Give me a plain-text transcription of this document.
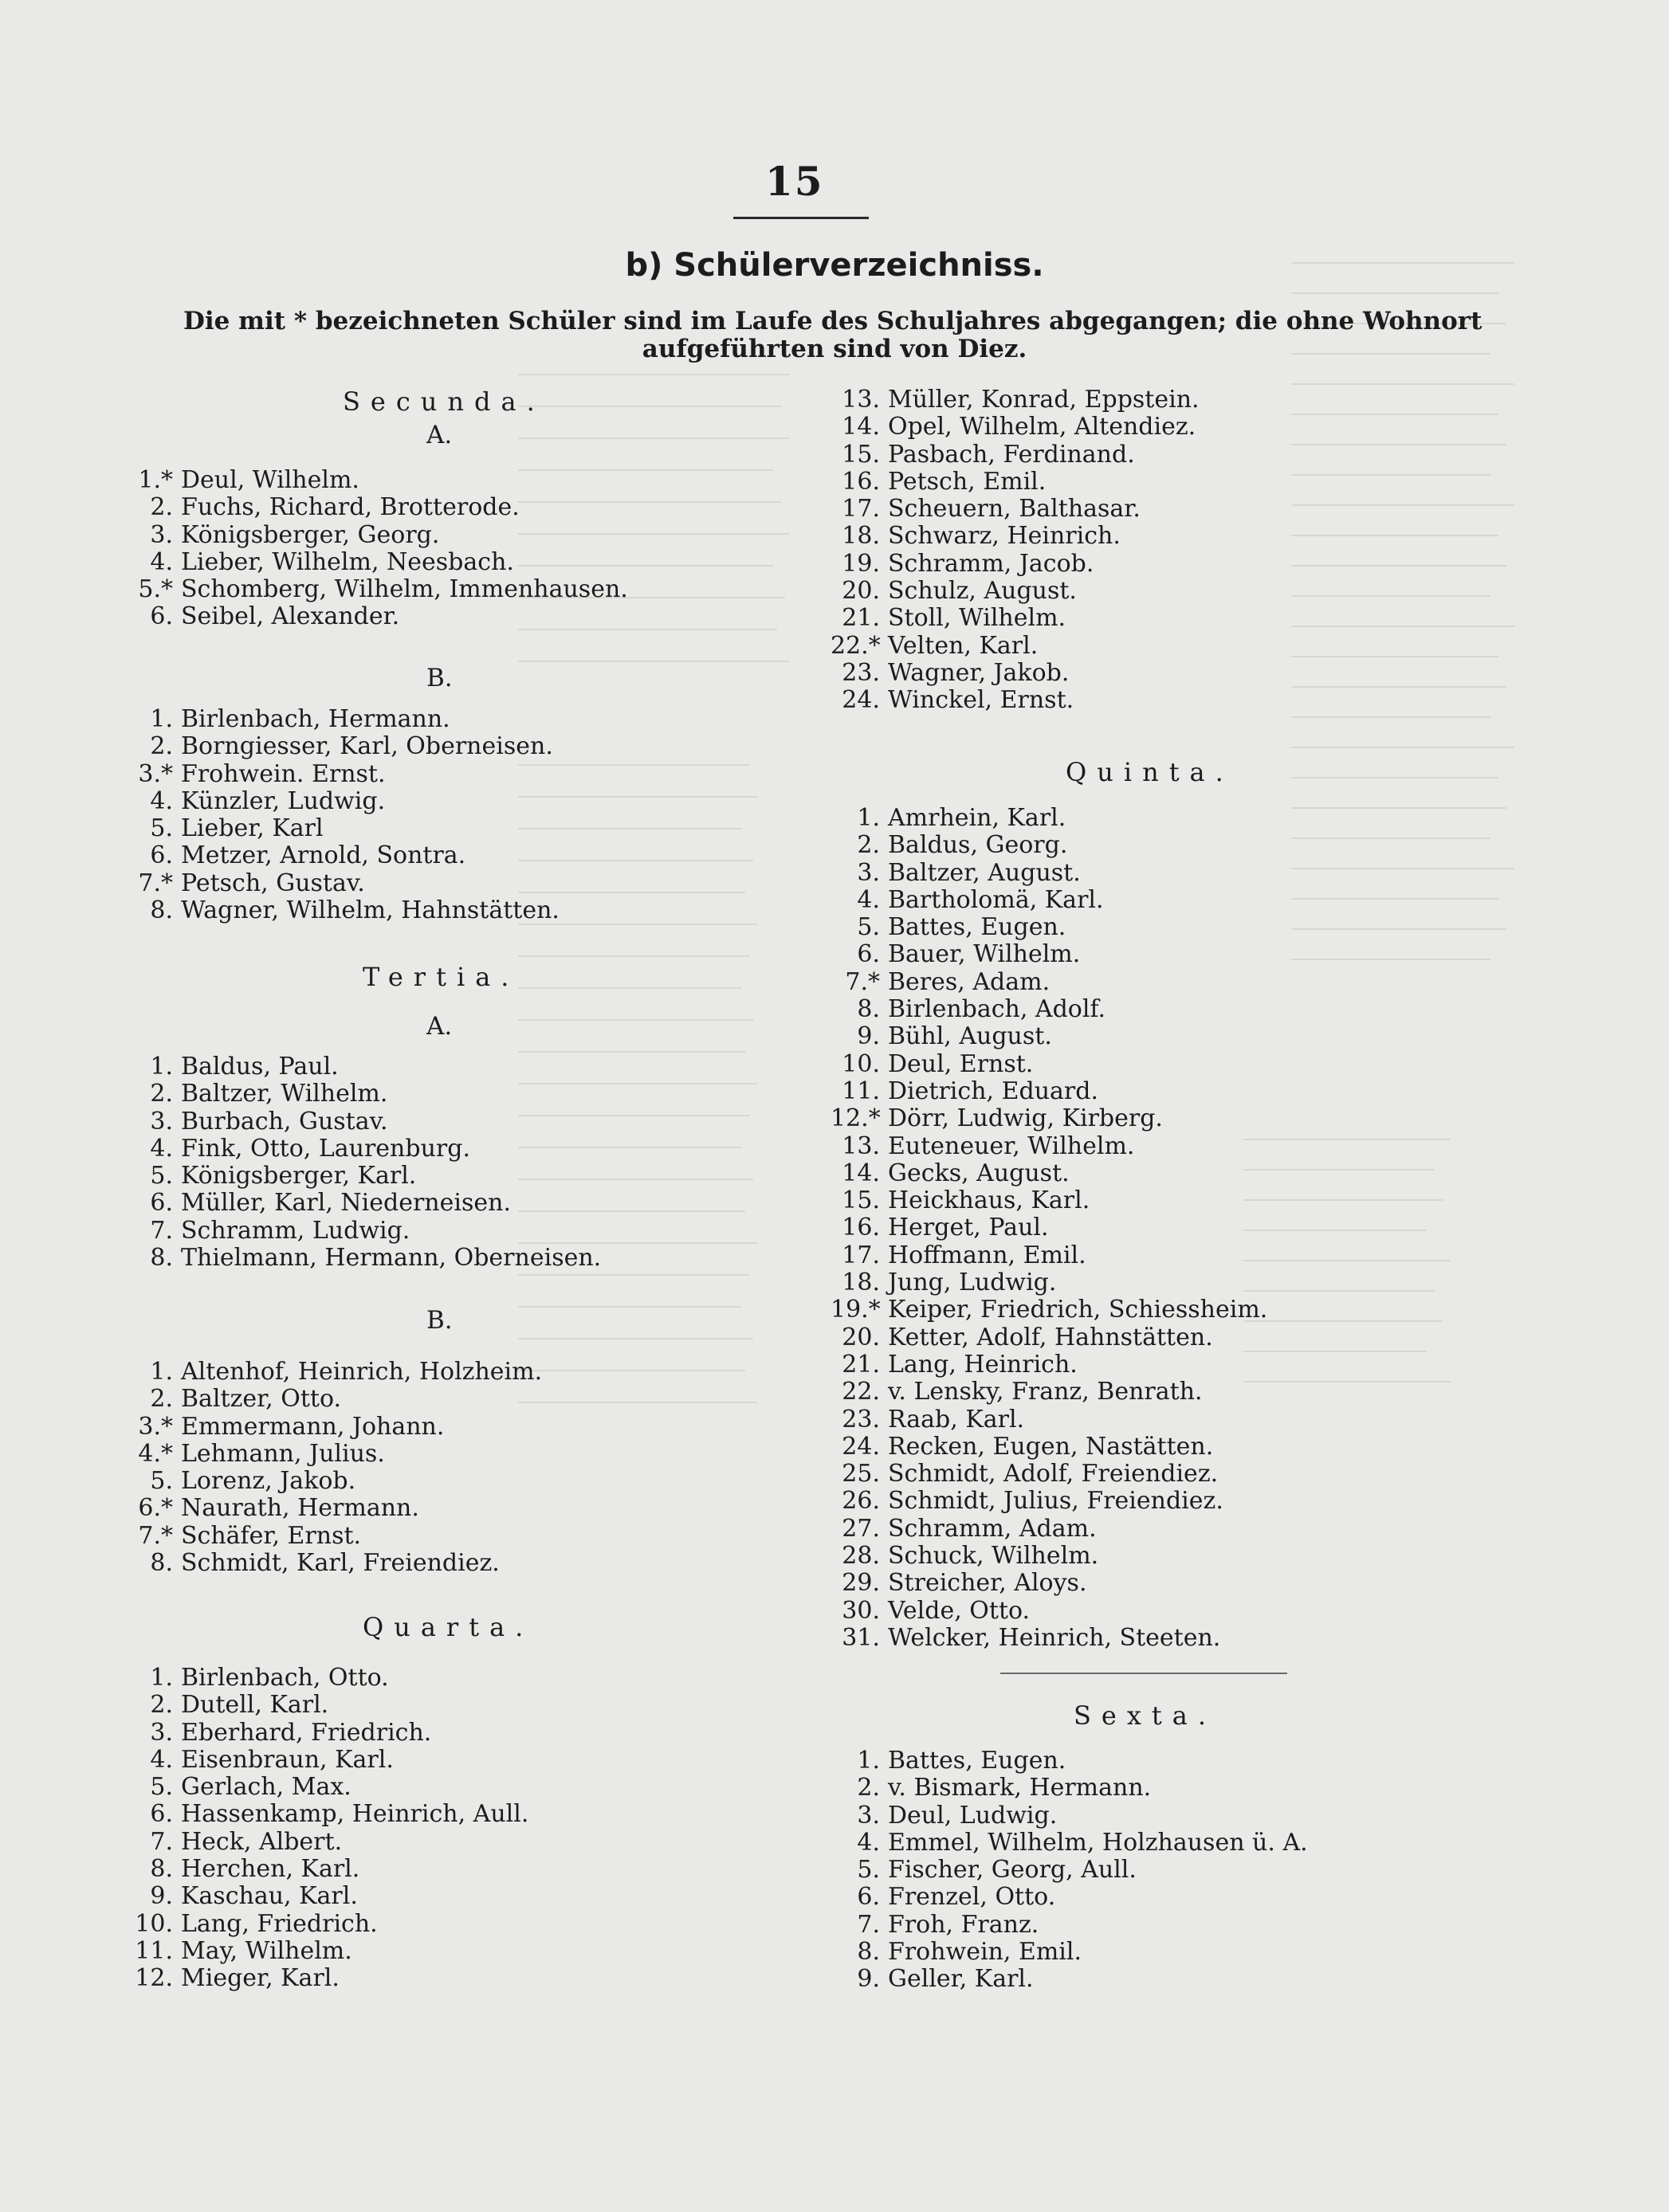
15
b) Schülerverzeichniss.
Die mit * bezeichneten Schüler sind im Laufe des Schuljahres abgegangen; die ohne Wohnort
aufgeführten sind von Diez.
Secunda.
A.
1.* Deul, Wilhelm.
2. Fuchs, Richard, Brotterode.
3. Königsberger, Georg.
4. Lieber, Wilhelm, Neesbach.
5.* Schomberg, Wilhelm, Immenhausen.
6. Seibel, Alexander.
B.
1. Birlenbach, Hermann.
2. Borngiesser, Karl, Oberneisen.
3.* Frohwein. Ernst.
4. Künzler, Ludwig.
5. Lieber, Karl
6. Metzer, Arnold, Sontra.
7.* Petsch, Gustav.
8. Wagner, Wilhelm, Hahnstätten.
Tertia.
A.
1. Baldus, Paul.
2. Baltzer, Wilhelm.
3. Burbach, Gustav.
4. Fink, Otto, Laurenburg.
5. Königsberger, Karl.
6. Müller, Karl, Niederneisen.
7. Schramm, Ludwig.
8. Thielmann, Hermann, Oberneisen.
B.
1. Altenhof, Heinrich, Holzheim.
2. Baltzer, Otto.
3.* Emmermann, Johann.
4.* Lehmann, Julius.
5. Lorenz, Jakob.
6.* Naurath, Hermann.
7.* Schäfer, Ernst.
8. Schmidt, Karl, Freiendiez.
Quarta.
1. Birlenbach, Otto.
2. Dutell, Karl.
3. Eberhard, Friedrich.
4. Eisenbraun, Karl.
5. Gerlach, Max.
6. Hassenkamp, Heinrich, Aull.
7. Heck, Albert.
8. Herchen, Karl.
9. Kaschau, Karl.
10. Lang, Friedrich.
11. May, Wilhelm.
12. Mieger, Karl.
13. Müller, Konrad, Eppstein.
14. Opel, Wilhelm, Altendiez.
15. Pasbach, Ferdinand.
16. Petsch, Emil.
17. Scheuern, Balthasar.
18. Schwarz, Heinrich.
19. Schramm, Jacob.
20. Schulz, August.
21. Stoll, Wilhelm.
22.* Velten, Karl.
23. Wagner, Jakob.
24. Winckel, Ernst.
Quinta.
1. Amrhein, Karl.
2. Baldus, Georg.
3. Baltzer, August.
4. Bartholomä, Karl.
5. Battes, Eugen.
6. Bauer, Wilhelm.
7.* Beres, Adam.
8. Birlenbach, Adolf.
9. Bühl, August.
10. Deul, Ernst.
11. Dietrich, Eduard.
12.* Dörr, Ludwig, Kirberg.
13. Euteneuer, Wilhelm.
14. Gecks, August.
15. Heickhaus, Karl.
16. Herget, Paul.
17. Hoffmann, Emil.
18. Jung, Ludwig.
19.* Keiper, Friedrich, Schiessheim.
20. Ketter, Adolf, Hahnstätten.
21. Lang, Heinrich.
22. v. Lensky, Franz, Benrath.
23. Raab, Karl.
24. Recken, Eugen, Nastätten.
25. Schmidt, Adolf, Freiendiez.
26. Schmidt, Julius, Freiendiez.
27. Schramm, Adam.
28. Schuck, Wilhelm.
29. Streicher, Aloys.
30. Velde, Otto.
31. Welcker, Heinrich, Steeten.
Sexta.
1. Battes, Eugen.
2. v. Bismark, Hermann.
3. Deul, Ludwig.
4. Emmel, Wilhelm, Holzhausen ü. A.
5. Fischer, Georg, Aull.
6. Frenzel, Otto.
7. Froh, Franz.
8. Frohwein, Emil.
9. Geller, Karl.
